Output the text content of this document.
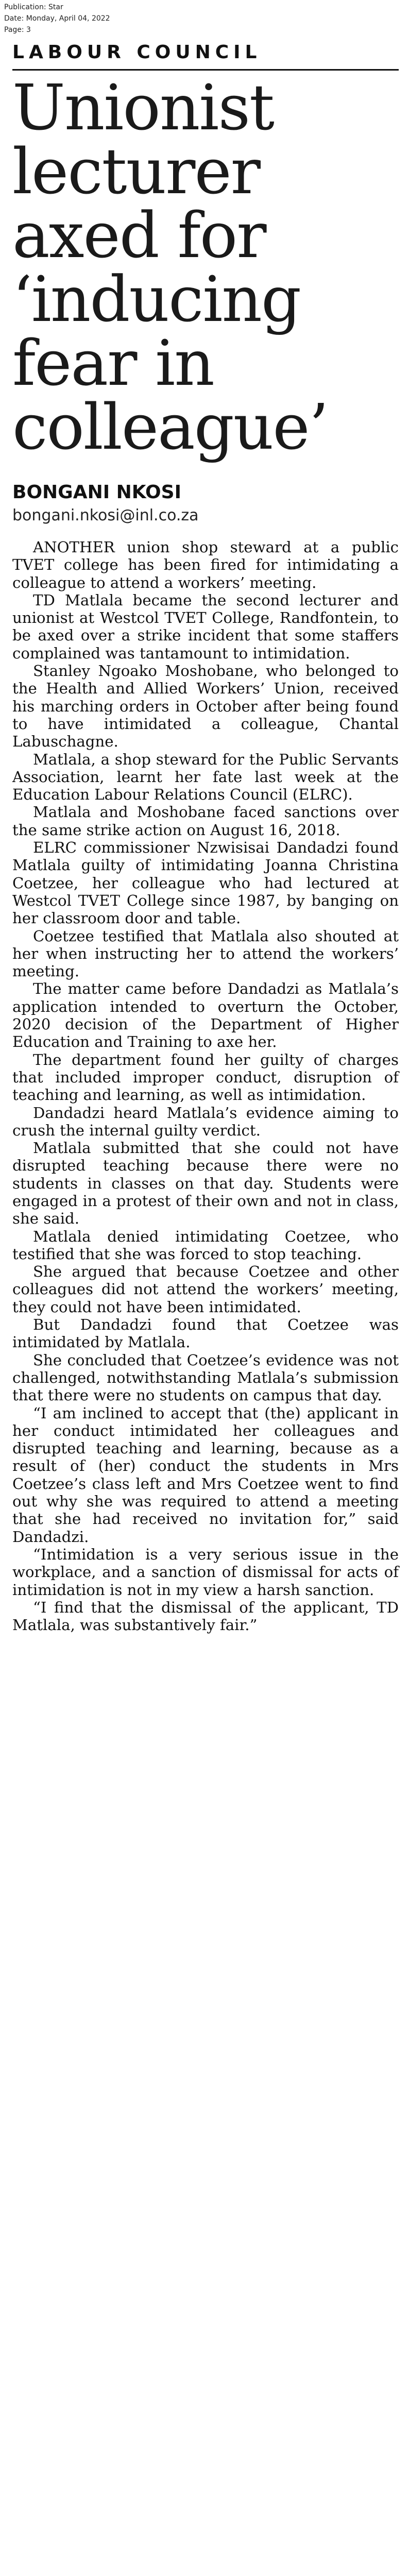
Publication: Star
Date: Monday, April 04, 2022
Page: 3
LABOUR COUNCIL
Unionist lecturer axed for ‘inducing fear in colleague’
BONGANI NKOSI
bongani.nkosi@inl.co.za

ANOTHER union shop steward at a public TVET college has been fired for intimidating a colleague to attend a workers’ meeting.

TD Matlala became the second lecturer and unionist at Westcol TVET College, Randfontein, to be axed over a strike incident that some staffers complained was tantamount to intimidation.

Stanley Ngoako Moshobane, who belonged to the Health and Allied Workers’ Union, received his marching orders in October after being found to have intimidated a colleague, Chantal Labuschagne.

Matlala, a shop steward for the Public Servants Association, learnt her fate last week at the Education Labour Relations Council (ELRC).

Matlala and Moshobane faced sanctions over the same strike action on August 16, 2018.

ELRC commissioner Nzwisisai Dandadzi found Matlala guilty of intimidating Joanna Christina Coetzee, her colleague who had lectured at Westcol TVET College since 1987, by banging on her classroom door and table.

Coetzee testified that Matlala also shouted at her when instructing her to attend the workers’ meeting.

The matter came before Dandadzi as Matlala’s application intended to overturn the October, 2020 decision of the Department of Higher Education and Training to axe her.

The department found her guilty of charges that included improper conduct, disruption of teaching and learning, as well as intimidation.

Dandadzi heard Matlala’s evidence aiming to crush the internal guilty verdict.

Matlala submitted that she could not have disrupted teaching because there were no students in classes on that day. Students were engaged in a protest of their own and not in class, she said.

Matlala denied intimidating Coetzee, who testified that she was forced to stop teaching.

She argued that because Coetzee and other colleagues did not attend the workers’ meeting, they could not have been intimidated.

But Dandadzi found that Coetzee was intimidated by Matlala.

She concluded that Coetzee’s evidence was not challenged, notwithstanding Matlala’s submission that there were no students on campus that day.

“I am inclined to accept that (the) applicant in her conduct intimidated her colleagues and disrupted teaching and learning, because as a result of (her) conduct the students in Mrs Coetzee’s class left and Mrs Coetzee went to find out why she was required to attend a meeting that she had received no invitation for,” said Dandadzi.

“Intimidation is a very serious issue in the workplace, and a sanction of dismissal for acts of intimidation is not in my view a harsh sanction.

“I find that the dismissal of the applicant, TD Matlala, was substantively fair.”
